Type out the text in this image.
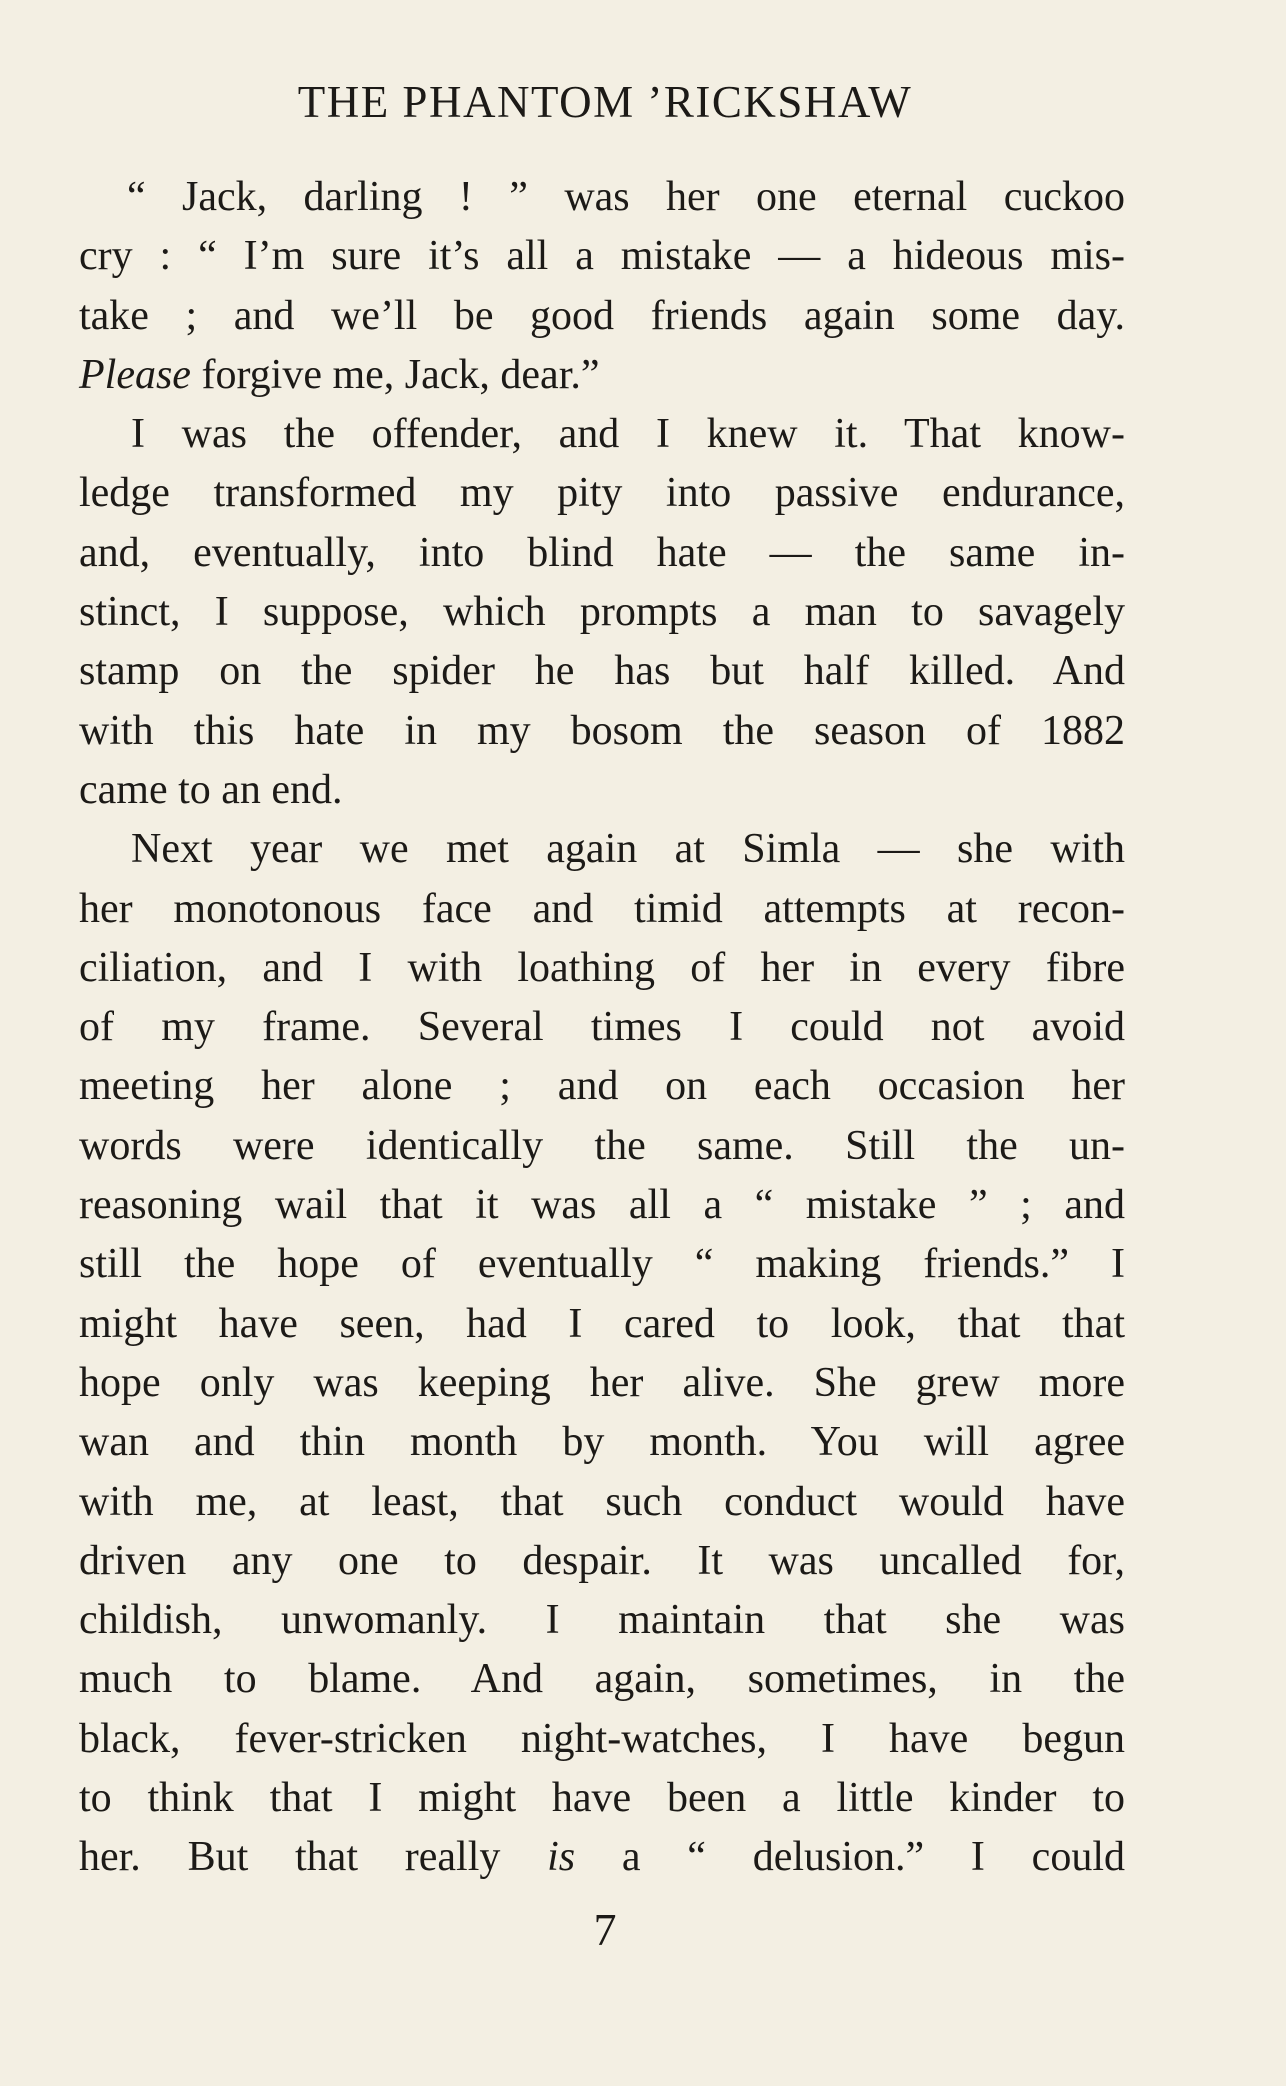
THE PHANTOM ’RICKSHAW
“ Jack, darling ! ” was her one eternal cuckoo
cry : “ I’m sure it’s all a mistake — a hideous mis-
take ; and we’ll be good friends again some day.
Please forgive me, Jack, dear.”
I was the offender, and I knew it. That know-
ledge transformed my pity into passive endurance,
and, eventually, into blind hate — the same in-
stinct, I suppose, which prompts a man to savagely
stamp on the spider he has but half killed. And
with this hate in my bosom the season of 1882
came to an end.
Next year we met again at Simla — she with
her monotonous face and timid attempts at recon-
ciliation, and I with loathing of her in every fibre
of my frame. Several times I could not avoid
meeting her alone ; and on each occasion her
words were identically the same. Still the un-
reasoning wail that it was all a “ mistake ” ; and
still the hope of eventually “ making friends.” I
might have seen, had I cared to look, that that
hope only was keeping her alive. She grew more
wan and thin month by month. You will agree
with me, at least, that such conduct would have
driven any one to despair. It was uncalled for,
childish, unwomanly. I maintain that she was
much to blame. And again, sometimes, in the
black, fever-stricken night-watches, I have begun
to think that I might have been a little kinder to
her. But that really is a “ delusion.” I could
7
